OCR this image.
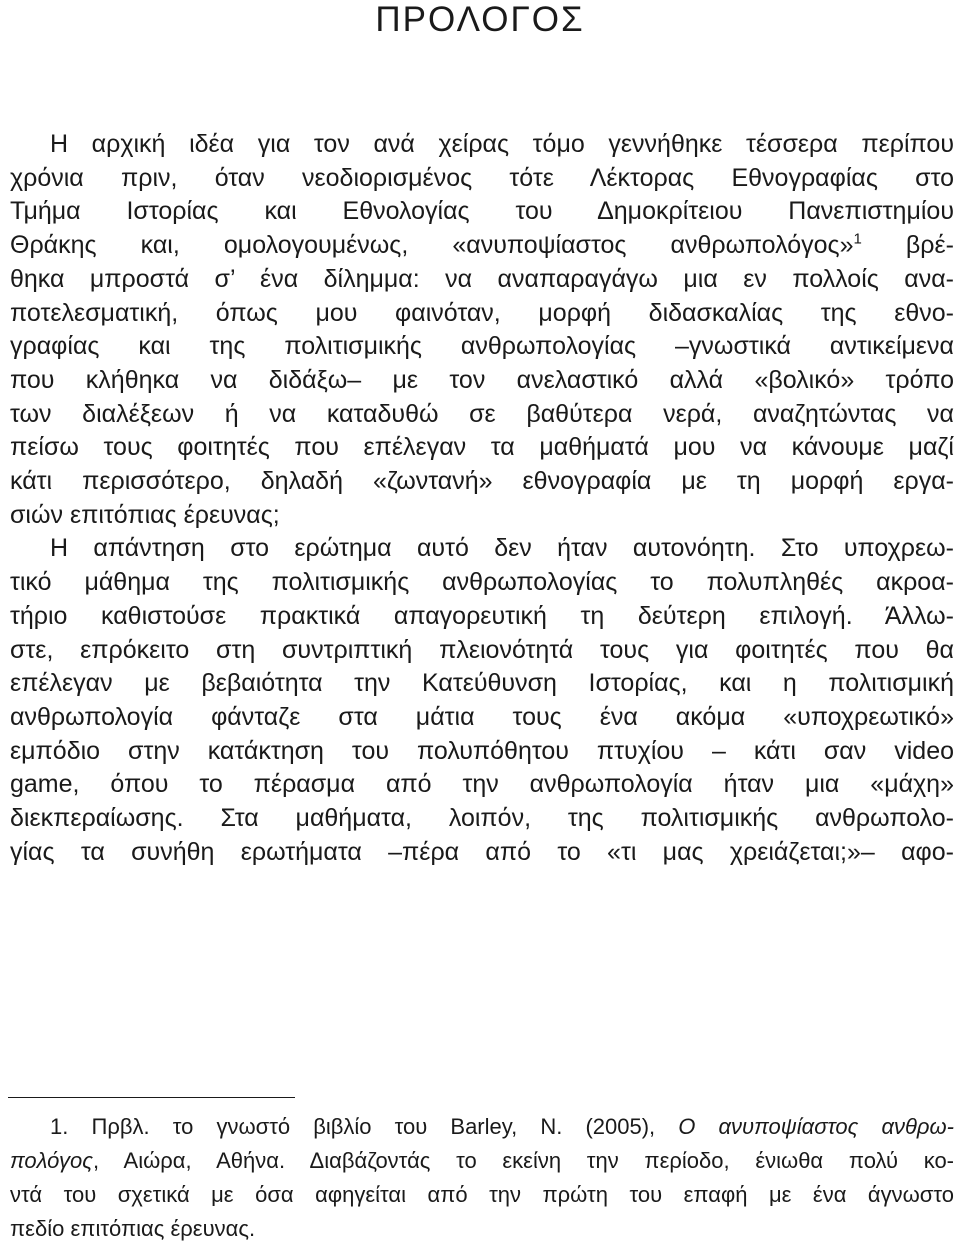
ΠΡΟΛΟΓΟΣ
Η αρχική ιδέα για τον ανά χείρας τόμο γεννήθηκε τέσσερα περίπου
χρόνια πριν, όταν νεοδιορισμένος τότε Λέκτορας Εθνογραφίας στο
Τμήμα Ιστορίας και Εθνολογίας του Δημοκρίτειου Πανεπιστημίου
Θράκης και, ομολογουμένως, «ανυποψίαστος ανθρωπολόγος»$^1$ βρέ-
θηκα μπροστά σ’ ένα δίλημμα: να αναπαραγάγω μια εν πολλοίς ανα-
ποτελεσματική, όπως μου φαινόταν, μορφή διδασκαλίας της εθνο-
γραφίας και της πολιτισμικής ανθρωπολογίας –γνωστικά αντικείμενα
που κλήθηκα να διδάξω– με τον ανελαστικό αλλά «βολικό» τρόπο
των διαλέξεων ή να καταδυθώ σε βαθύτερα νερά, αναζητώντας να
πείσω τους φοιτητές που επέλεγαν τα μαθήματά μου να κάνουμε μαζί
κάτι περισσότερο, δηλαδή «ζωντανή» εθνογραφία με τη μορφή εργα-
σιών επιτόπιας έρευνας;
Η απάντηση στο ερώτημα αυτό δεν ήταν αυτονόητη. Στο υποχρεω-
τικό μάθημα της πολιτισμικής ανθρωπολογίας το πολυπληθές ακροα-
τήριο καθιστούσε πρακτικά απαγορευτική τη δεύτερη επιλογή. Άλλω-
στε, επρόκειτο στη συντριπτική πλειονότητά τους για φοιτητές που θα
επέλεγαν με βεβαιότητα την Κατεύθυνση Ιστορίας, και η πολιτισμική
ανθρωπολογία φάνταζε στα μάτια τους ένα ακόμα «υποχρεωτικό»
εμπόδιο στην κατάκτηση του πολυπόθητου πτυχίου – κάτι σαν video
game, όπου το πέρασμα από την ανθρωπολογία ήταν μια «μάχη»
διεκπεραίωσης. Στα μαθήματα, λοιπόν, της πολιτισμικής ανθρωπολο-
γίας τα συνήθη ερωτήματα –πέρα από το «τι μας χρειάζεται;»– αφο-
1. Πρβλ. το γνωστό βιβλίο του Barley, N. (2005), Ο ανυποψίαστος ανθρω-
πολόγος, Αιώρα, Αθήνα. Διαβάζοντάς το εκείνη την περίοδο, ένιωθα πολύ κο-
ντά του σχετικά με όσα αφηγείται από την πρώτη του επαφή με ένα άγνωστο
πεδίο επιτόπιας έρευνας.
